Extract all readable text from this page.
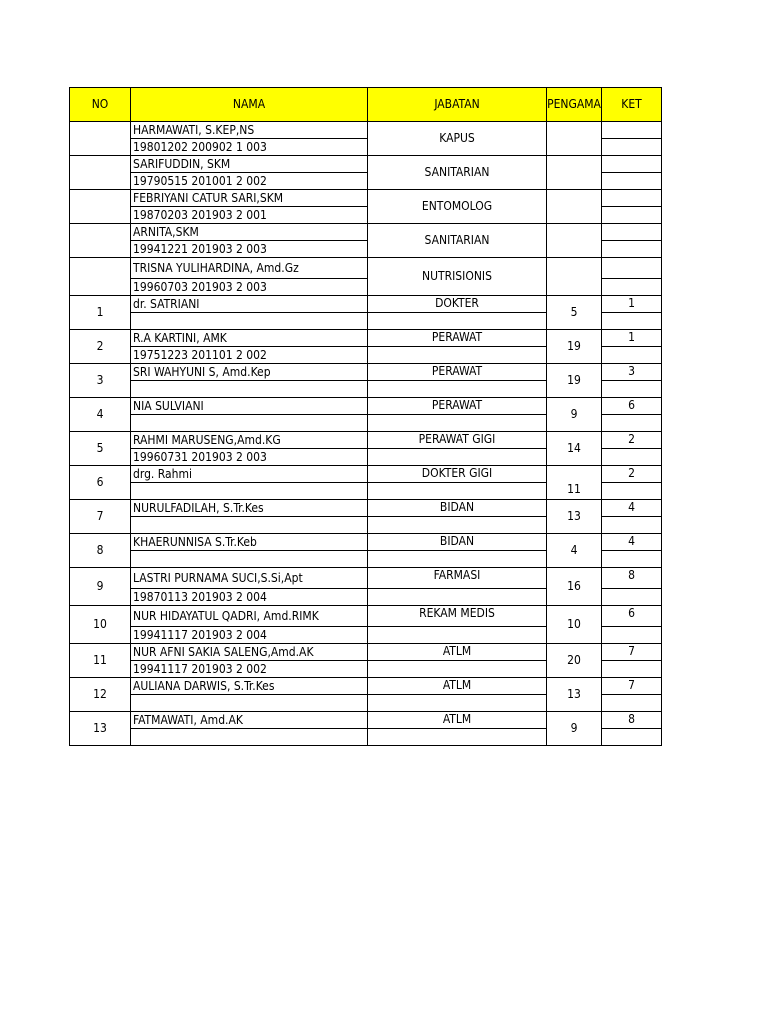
NO	NAMA	JABATAN	PENGAMA	KET
	HARMAWATI, S.KEP,NS	KAPUS		
	19801202 200902 1 003			
	SARIFUDDIN, SKM	SANITARIAN		
	19790515 201001 2 002			
	FEBRIYANI CATUR SARI,SKM	ENTOMOLOG		
	19870203 201903 2 001			
	ARNITA,SKM	SANITARIAN		
	19941221 201903 2 003			
	TRISNA YULIHARDINA, Amd.Gz	NUTRISIONIS		
	19960703 201903 2 003			
1	dr. SATRIANI	DOKTER	5	1

2	R.A KARTINI, AMK	PERAWAT	19	1
	19751223 201101 2 002			
3	SRI WAHYUNI S, Amd.Kep	PERAWAT	19	3

4	NIA SULVIANI	PERAWAT	9	6

5	RAHMI MARUSENG,Amd.KG	PERAWAT GIGI	14	2
	19960731 201903 2 003			
6	drg. Rahmi	DOKTER GIGI	11	2

7	NURULFADILAH, S.Tr.Kes	BIDAN	13	4

8	KHAERUNNISA S.Tr.Keb	BIDAN	4	4

9	LASTRI PURNAMA SUCI,S.Si,Apt	FARMASI	16	8
	19870113 201903 2 004			
10	NUR HIDAYATUL QADRI, Amd.RIMK	REKAM MEDIS	10	6
	19941117 201903 2 004			
11	NUR AFNI SAKIA SALENG,Amd.AK	ATLM	20	7
	19941117 201903 2 002			
12	AULIANA DARWIS, S.Tr.Kes	ATLM	13	7

13	FATMAWATI, Amd.AK	ATLM	9	8
